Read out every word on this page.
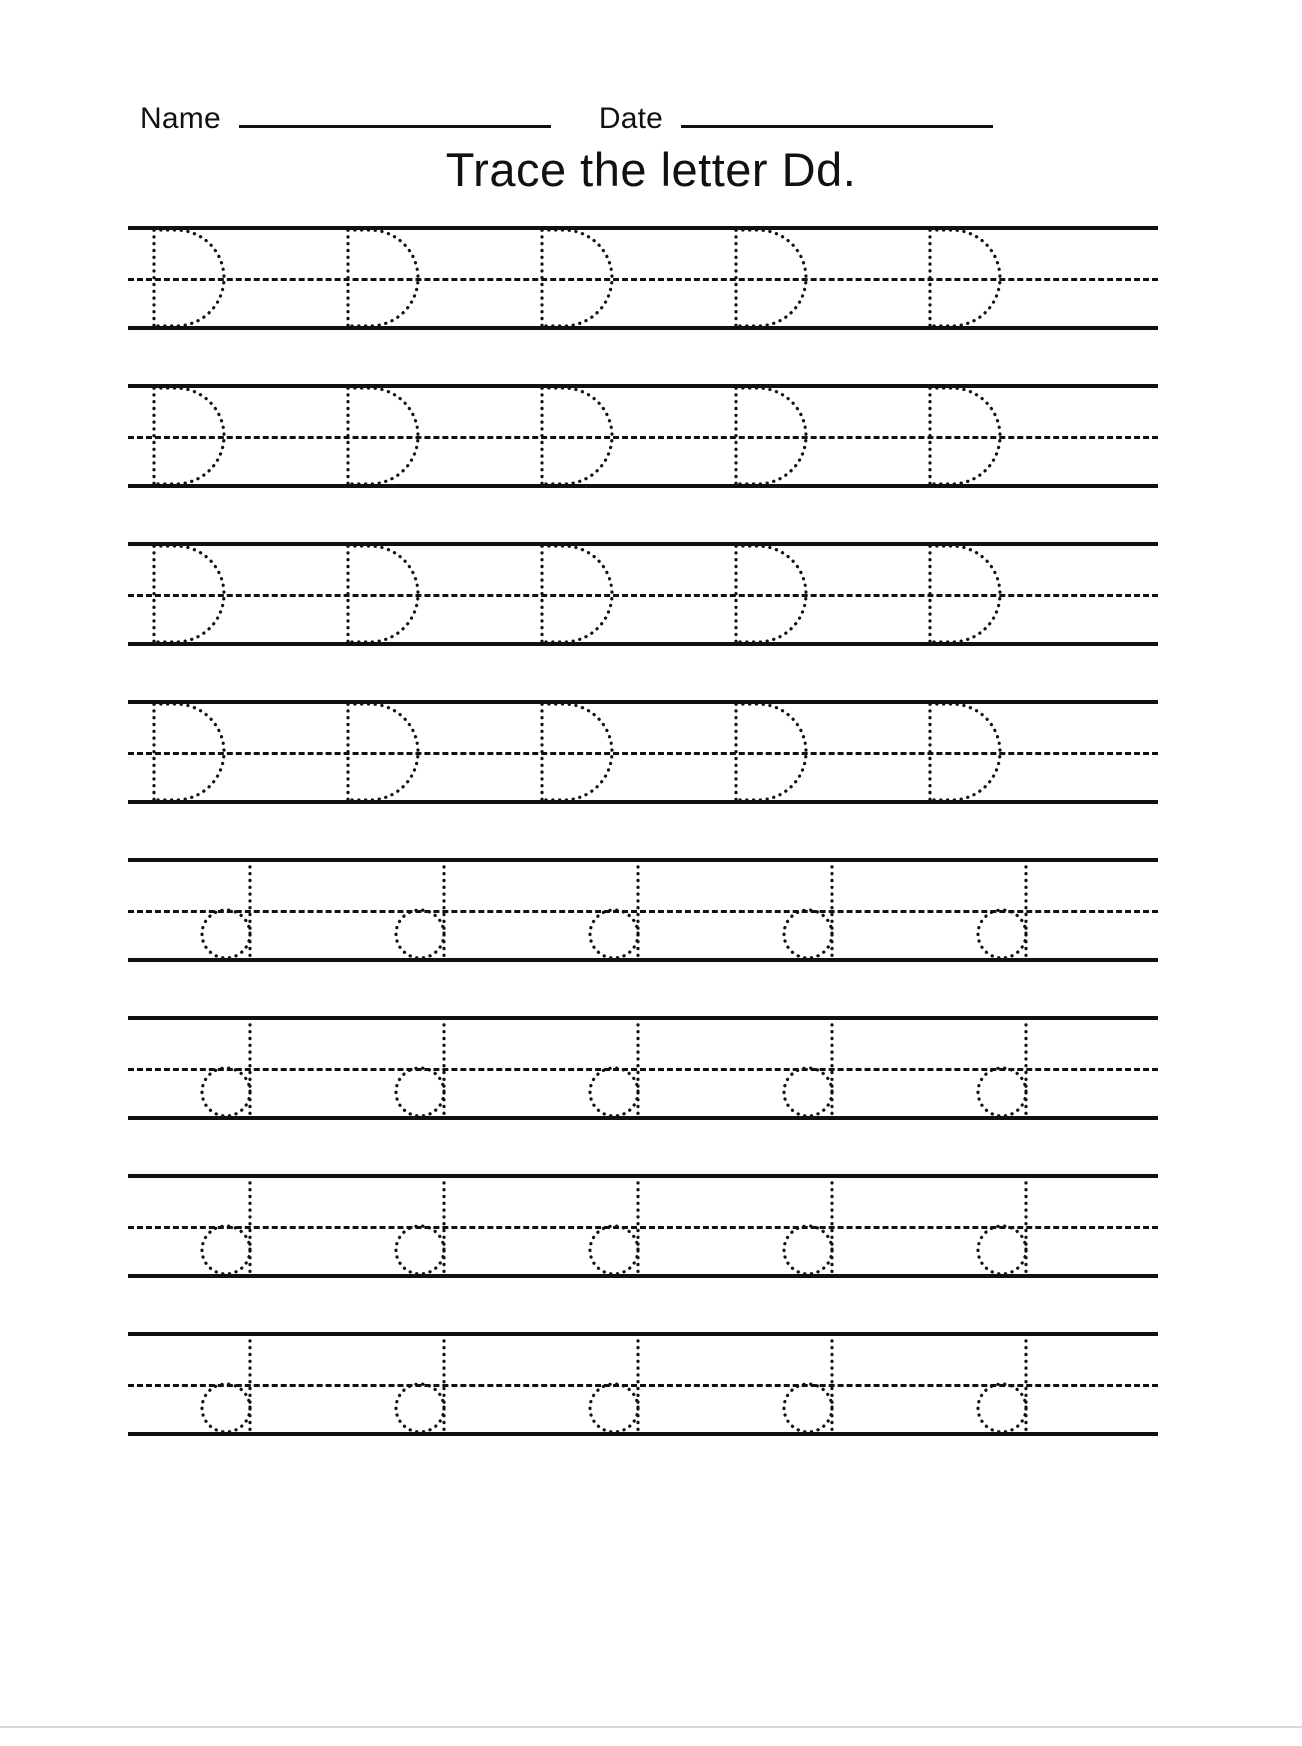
Name	Date
Trace the letter Dd.
